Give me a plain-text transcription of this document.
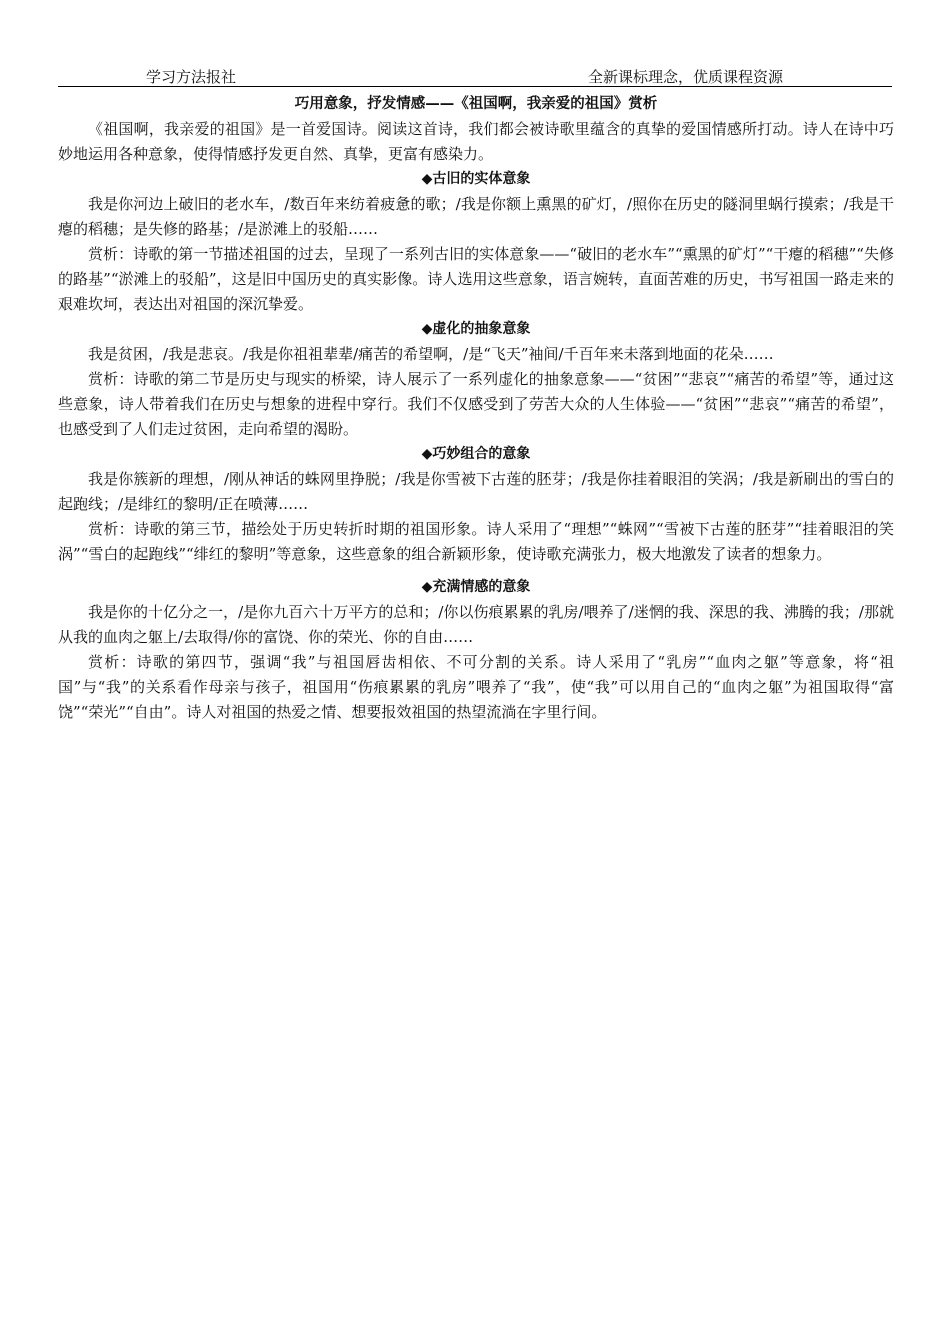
学习方法报社	全新课标理念，优质课程资源
巧用意象，抒发情感——《祖国啊，我亲爱的祖国》赏析

《祖国啊，我亲爱的祖国》是一首爱国诗。阅读这首诗，我们都会被诗歌里蕴含的真挚的爱国情感所打动。诗人在诗中巧妙地运用各种意象，使得情感抒发更自然、真挚，更富有感染力。

◆古旧的实体意象

我是你河边上破旧的老水车，/数百年来纺着疲惫的歌；/我是你额上熏黑的矿灯，/照你在历史的隧洞里蜗行摸索；/我是干瘪的稻穗；是失修的路基；/是淤滩上的驳船……

赏析：诗歌的第一节描述祖国的过去，呈现了一系列古旧的实体意象——“破旧的老水车”“熏黑的矿灯”“干瘪的稻穗”“失修的路基”“淤滩上的驳船”，这是旧中国历史的真实影像。诗人选用这些意象，语言婉转，直面苦难的历史，书写祖国一路走来的艰难坎坷，表达出对祖国的深沉挚爱。

◆虚化的抽象意象

我是贫困，/我是悲哀。/我是你祖祖辈辈/痛苦的希望啊，/是“飞天”袖间/千百年来未落到地面的花朵……

赏析：诗歌的第二节是历史与现实的桥梁，诗人展示了一系列虚化的抽象意象——“贫困”“悲哀”“痛苦的希望”等，通过这些意象，诗人带着我们在历史与想象的进程中穿行。我们不仅感受到了劳苦大众的人生体验——“贫困”“悲哀”“痛苦的希望”，也感受到了人们走过贫困，走向希望的渴盼。

◆巧妙组合的意象

我是你簇新的理想，/刚从神话的蛛网里挣脱；/我是你雪被下古莲的胚芽；/我是你挂着眼泪的笑涡；/我是新刷出的雪白的起跑线；/是绯红的黎明/正在喷薄……

赏析：诗歌的第三节，描绘处于历史转折时期的祖国形象。诗人采用了“理想”“蛛网”“雪被下古莲的胚芽”“挂着眼泪的笑涡”“雪白的起跑线”“绯红的黎明”等意象，这些意象的组合新颖形象，使诗歌充满张力，极大地激发了读者的想象力。

◆充满情感的意象

我是你的十亿分之一，/是你九百六十万平方的总和；/你以伤痕累累的乳房/喂养了/迷惘的我、深思的我、沸腾的我；/那就从我的血肉之躯上/去取得/你的富饶、你的荣光、你的自由……

赏析：诗歌的第四节，强调“我”与祖国唇齿相依、不可分割的关系。诗人采用了“乳房”“血肉之躯”等意象，将“祖国”与“我”的关系看作母亲与孩子，祖国用“伤痕累累的乳房”喂养了“我”，使“我”可以用自己的“血肉之躯”为祖国取得“富饶”“荣光”“自由”。诗人对祖国的热爱之情、想要报效祖国的热望流淌在字里行间。
